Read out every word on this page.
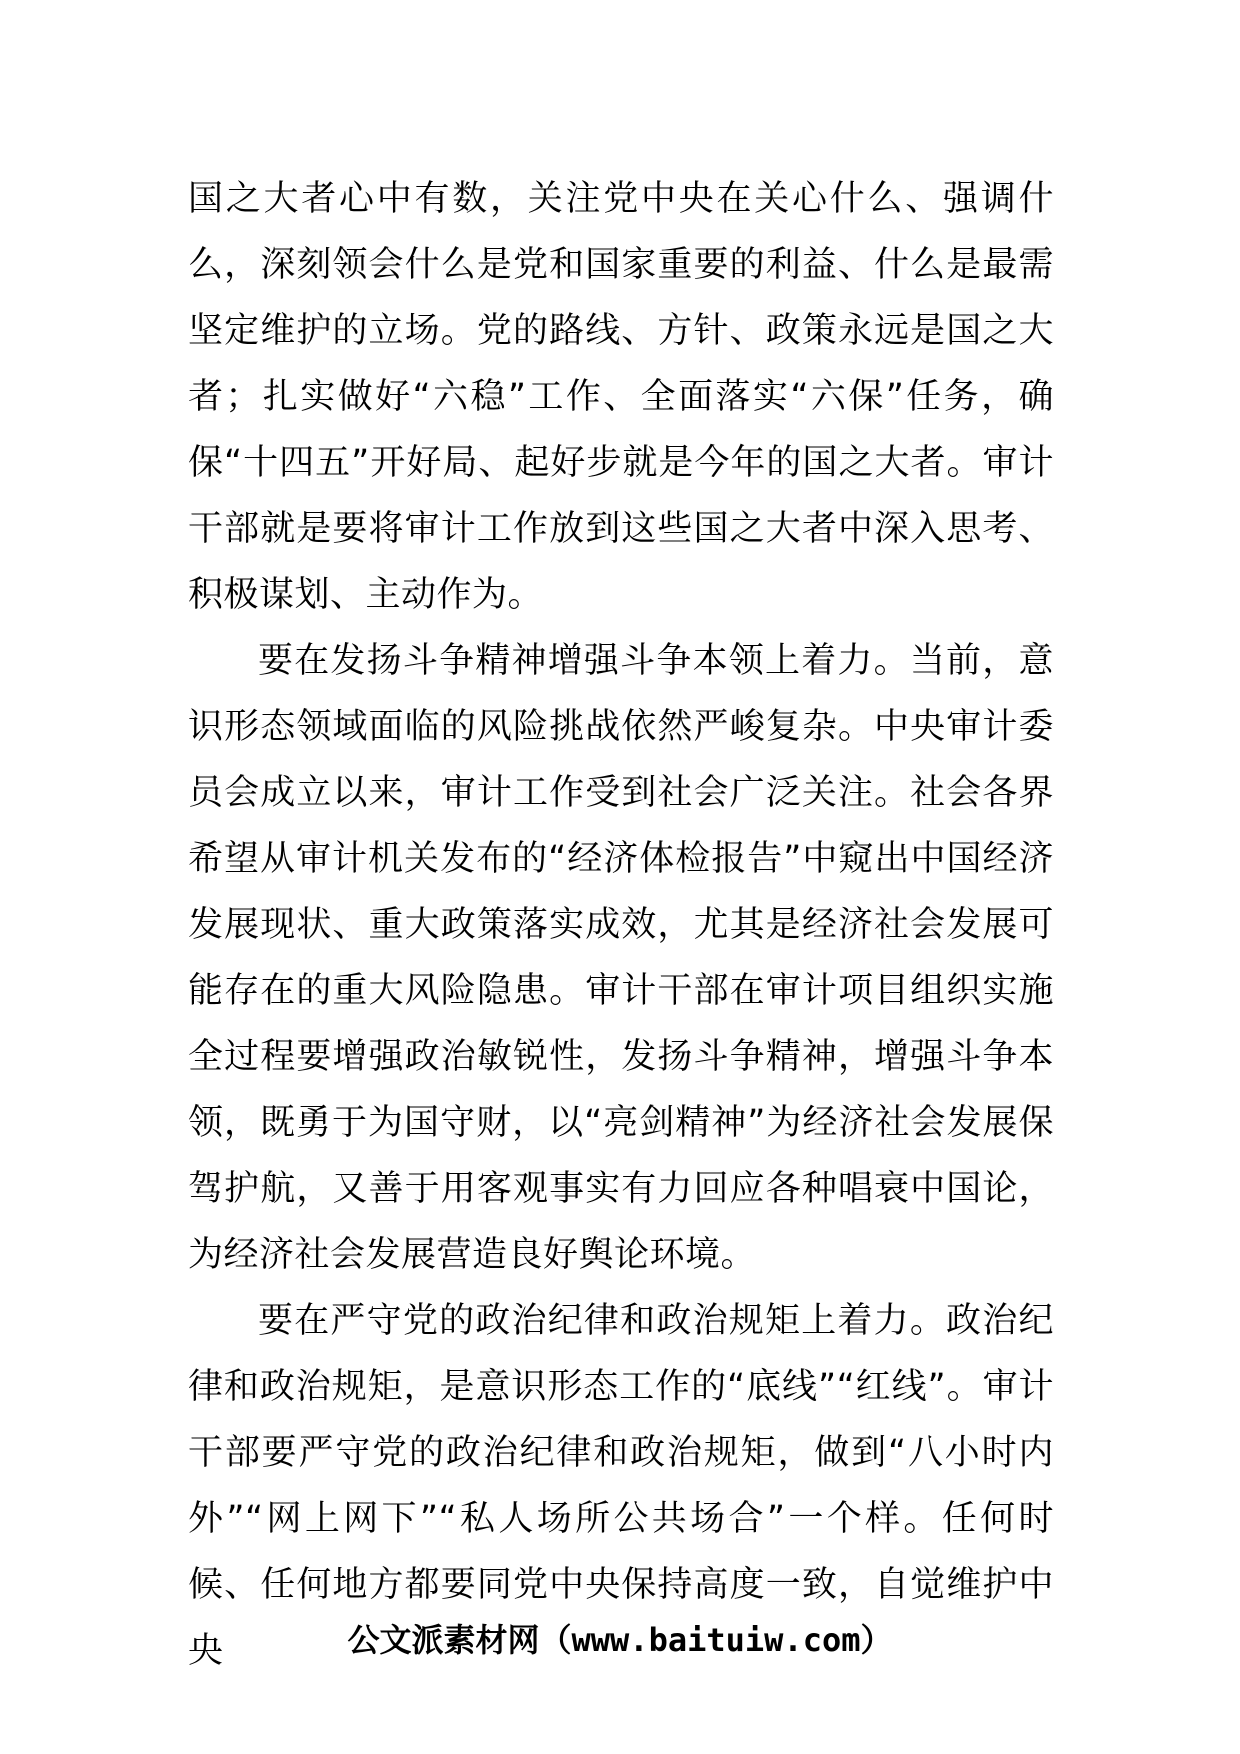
国之大者心中有数，关注党中央在关心什么、强调什么，深刻领会什么是党和国家重要的利益、什么是最需坚定维护的立场。党的路线、方针、政策永远是国之大者；扎实做好“六稳”工作、全面落实“六保”任务，确保“十四五”开好局、起好步就是今年的国之大者。审计干部就是要将审计工作放到这些国之大者中深入思考、积极谋划、主动作为。

要在发扬斗争精神增强斗争本领上着力。当前，意识形态领域面临的风险挑战依然严峻复杂。中央审计委员会成立以来，审计工作受到社会广泛关注。社会各界希望从审计机关发布的“经济体检报告”中窥出中国经济发展现状、重大政策落实成效，尤其是经济社会发展可能存在的重大风险隐患。审计干部在审计项目组织实施全过程要增强政治敏锐性，发扬斗争精神，增强斗争本领，既勇于为国守财，以“亮剑精神”为经济社会发展保驾护航，又善于用客观事实有力回应各种唱衰中国论，为经济社会发展营造良好舆论环境。

要在严守党的政治纪律和政治规矩上着力。政治纪律和政治规矩，是意识形态工作的“底线”“红线”。审计干部要严守党的政治纪律和政治规矩，做到“八小时内外”“网上网下”“私人场所公共场合”一个样。任何时候、任何地方都要同党中央保持高度一致，自觉维护中央	公文派素材网（www.baituiw.com）
